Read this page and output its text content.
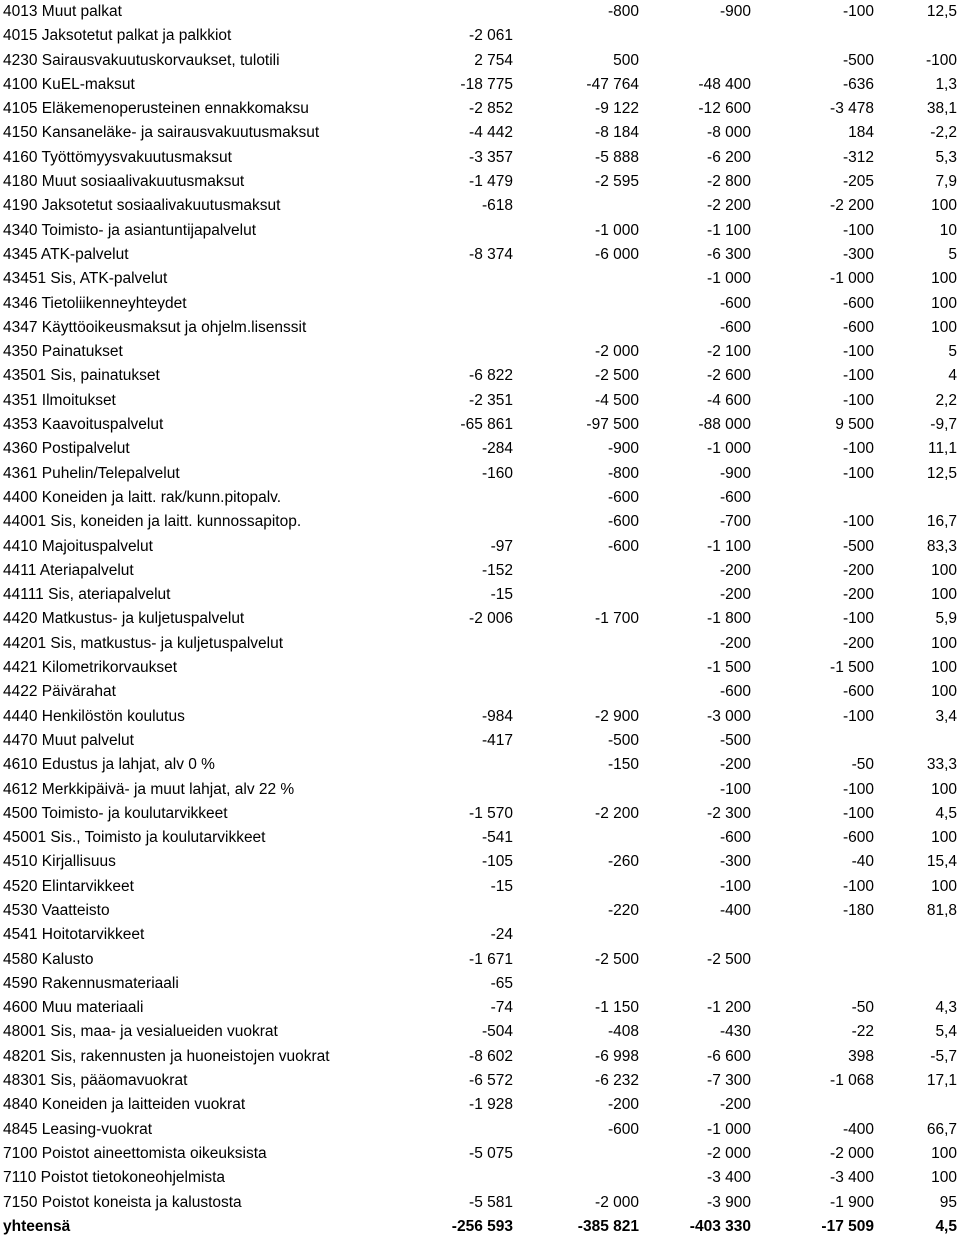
4013 Muut palkat		-800	-900	-100	12,5
4015 Jaksotetut palkat ja palkkiot	-2 061				
4230 Sairausvakuutuskorvaukset, tulotili	2 754	500		-500	-100
4100 KuEL-maksut	-18 775	-47 764	-48 400	-636	1,3
4105 Eläkemenoperusteinen ennakkomaksu	-2 852	-9 122	-12 600	-3 478	38,1
4150 Kansaneläke- ja sairausvakuutusmaksut	-4 442	-8 184	-8 000	184	-2,2
4160 Työttömyysvakuutusmaksut	-3 357	-5 888	-6 200	-312	5,3
4180 Muut sosiaalivakuutusmaksut	-1 479	-2 595	-2 800	-205	7,9
4190 Jaksotetut sosiaalivakuutusmaksut	-618		-2 200	-2 200	100
4340 Toimisto- ja asiantuntijapalvelut		-1 000	-1 100	-100	10
4345 ATK-palvelut	-8 374	-6 000	-6 300	-300	5
43451 Sis, ATK-palvelut			-1 000	-1 000	100
4346 Tietoliikenneyhteydet			-600	-600	100
4347 Käyttöoikeusmaksut ja ohjelm.lisenssit			-600	-600	100
4350 Painatukset		-2 000	-2 100	-100	5
43501 Sis, painatukset	-6 822	-2 500	-2 600	-100	4
4351 Ilmoitukset	-2 351	-4 500	-4 600	-100	2,2
4353 Kaavoituspalvelut	-65 861	-97 500	-88 000	9 500	-9,7
4360 Postipalvelut	-284	-900	-1 000	-100	11,1
4361 Puhelin/Telepalvelut	-160	-800	-900	-100	12,5
4400 Koneiden ja laitt. rak/kunn.pitopalv.		-600	-600		
44001 Sis, koneiden ja laitt. kunnossapitop.		-600	-700	-100	16,7
4410 Majoituspalvelut	-97	-600	-1 100	-500	83,3
4411 Ateriapalvelut	-152		-200	-200	100
44111 Sis, ateriapalvelut	-15		-200	-200	100
4420 Matkustus- ja kuljetuspalvelut	-2 006	-1 700	-1 800	-100	5,9
44201 Sis, matkustus- ja kuljetuspalvelut			-200	-200	100
4421 Kilometrikorvaukset			-1 500	-1 500	100
4422 Päivärahat			-600	-600	100
4440 Henkilöstön koulutus	-984	-2 900	-3 000	-100	3,4
4470 Muut palvelut	-417	-500	-500		
4610 Edustus ja lahjat, alv 0 %		-150	-200	-50	33,3
4612 Merkkipäivä- ja muut lahjat, alv 22 %			-100	-100	100
4500 Toimisto- ja koulutarvikkeet	-1 570	-2 200	-2 300	-100	4,5
45001 Sis., Toimisto ja koulutarvikkeet	-541		-600	-600	100
4510 Kirjallisuus	-105	-260	-300	-40	15,4
4520 Elintarvikkeet	-15		-100	-100	100
4530 Vaatteisto		-220	-400	-180	81,8
4541 Hoitotarvikkeet	-24				
4580 Kalusto	-1 671	-2 500	-2 500		
4590 Rakennusmateriaali	-65				
4600 Muu materiaali	-74	-1 150	-1 200	-50	4,3
48001 Sis, maa- ja vesialueiden vuokrat	-504	-408	-430	-22	5,4
48201 Sis, rakennusten ja huoneistojen vuokrat	-8 602	-6 998	-6 600	398	-5,7
48301 Sis, pääomavuokrat	-6 572	-6 232	-7 300	-1 068	17,1
4840 Koneiden ja laitteiden vuokrat	-1 928	-200	-200		
4845 Leasing-vuokrat		-600	-1 000	-400	66,7
7100 Poistot aineettomista oikeuksista	-5 075		-2 000	-2 000	100
7110 Poistot tietokoneohjelmista			-3 400	-3 400	100
7150 Poistot koneista ja kalustosta	-5 581	-2 000	-3 900	-1 900	95
yhteensä	-256 593	-385 821	-403 330	-17 509	4,5
